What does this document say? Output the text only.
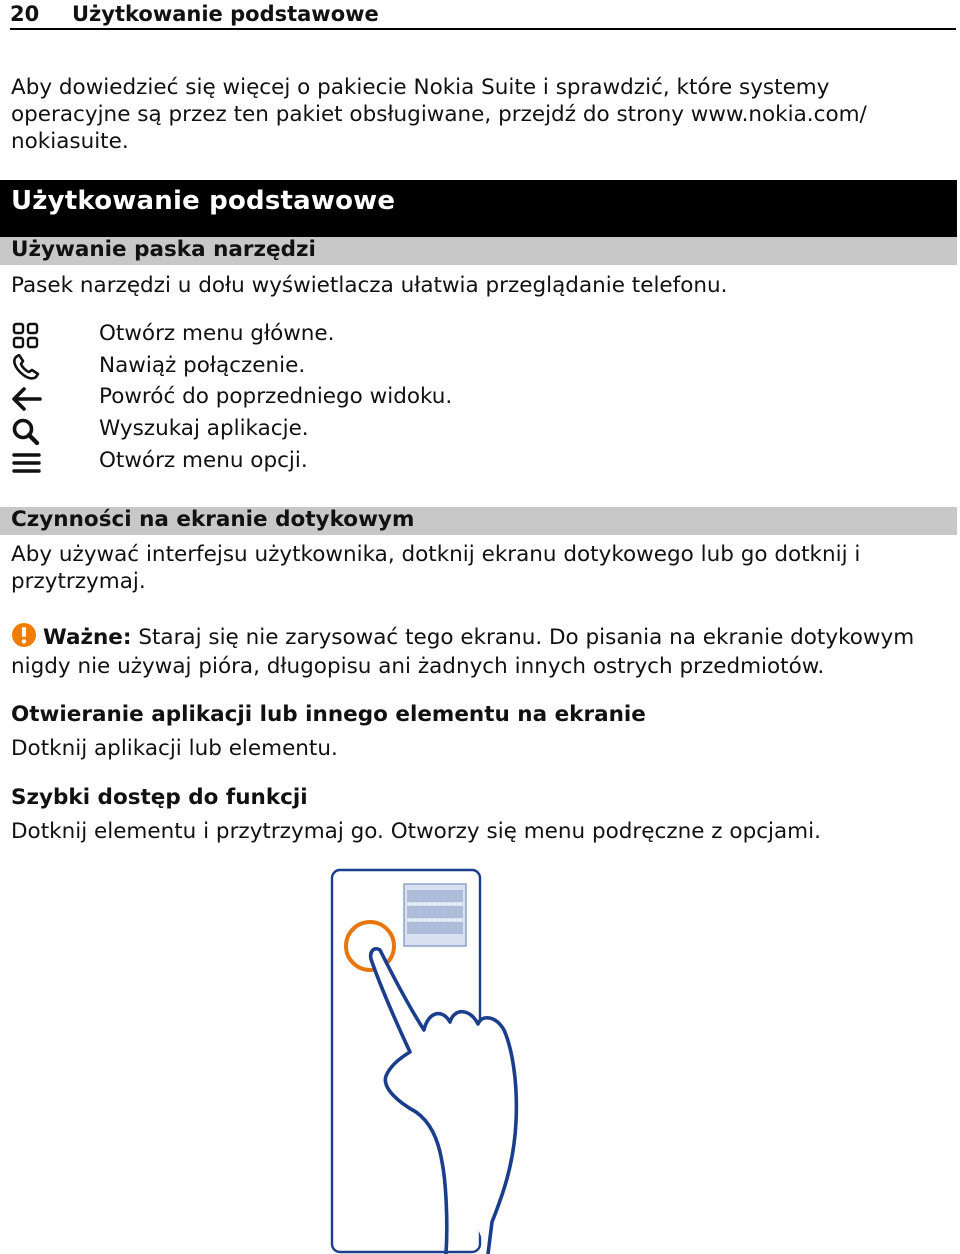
20 Użytkowanie podstawowe
Aby dowiedzieć się więcej o pakiecie Nokia Suite i sprawdzić, które systemy operacyjne są przez ten pakiet obsługiwane, przejdź do strony www.nokia.com/ nokiasuite.
Użytkowanie podstawowe
Używanie paska narzędzi
Pasek narzędzi u dołu wyświetlacza ułatwia przeglądanie telefonu.
Otwórz menu główne.
Nawiąż połączenie.
Powróć do poprzedniego widoku.
Wyszukaj aplikacje.
Otwórz menu opcji.
Czynności na ekranie dotykowym
Aby używać interfejsu użytkownika, dotknij ekranu dotykowego lub go dotknij i przytrzymaj.
Ważne: Staraj się nie zarysować tego ekranu. Do pisania na ekranie dotykowym nigdy nie używaj pióra, długopisu ani żadnych innych ostrych przedmiotów.
Otwieranie aplikacji lub innego elementu na ekranie
Dotknij aplikacji lub elementu.
Szybki dostęp do funkcji
Dotknij elementu i przytrzymaj go. Otworzy się menu podręczne z opcjami.
